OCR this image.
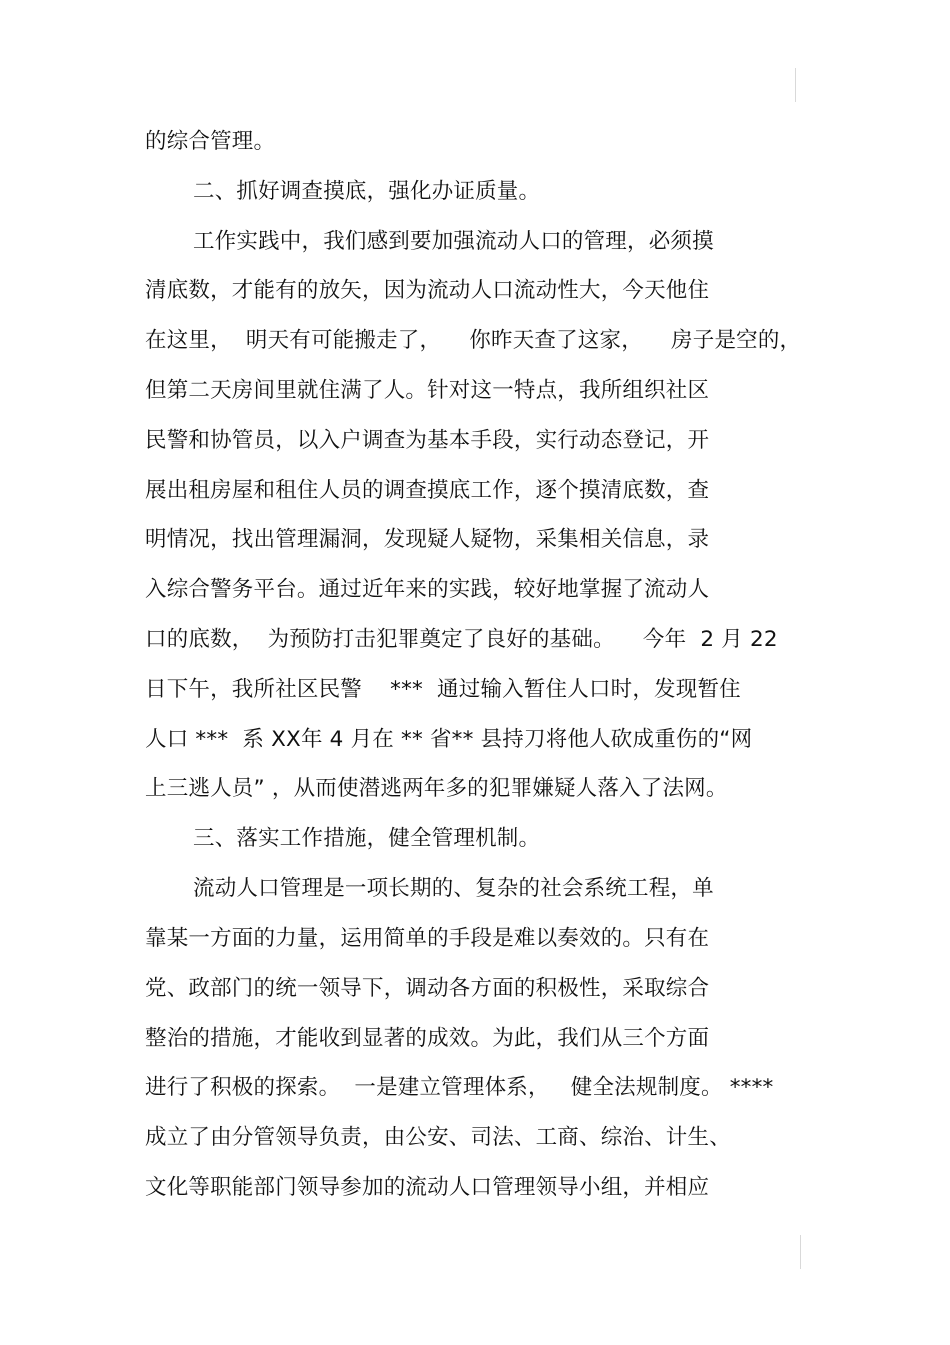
的综合管理。
二、抓好调查摸底，强化办证质量。
工作实践中，我们感到要加强流动人口的管理，必须摸
清底数，才能有的放矢，因为流动人口流动性大，今天他住
在这里，  明天有可能搬走了，    你昨天查了这家，    房子是空的，
但第二天房间里就住满了人。针对这一特点，我所组织社区
民警和协管员，以入户调查为基本手段，实行动态登记，开
展出租房屋和租住人员的调查摸底工作，逐个摸清底数，查
明情况，找出管理漏洞，发现疑人疑物，采集相关信息，录
入综合警务平台。通过近年来的实践，较好地掌握了流动人
口的底数，  为预防打击犯罪奠定了良好的基础。    今年  2 月 22
日下午，我所社区民警    ***  通过输入暂住人口时，发现暂住
人口 ***  系 XX年 4 月在 ** 省** 县持刀将他人砍成重伤的“网
上三逃人员” ，从而使潜逃两年多的犯罪嫌疑人落入了法网。
三、落实工作措施，健全管理机制。
流动人口管理是一项长期的、复杂的社会系统工程，单
靠某一方面的力量，运用简单的手段是难以奏效的。只有在
党、政部门的统一领导下，调动各方面的积极性，采取综合
整治的措施，才能收到显著的成效。为此，我们从三个方面
进行了积极的探索。  一是建立管理体系，   健全法规制度。 ****
成立了由分管领导负责，由公安、司法、工商、综治、计生、
文化等职能部门领导参加的流动人口管理领导小组，并相应
